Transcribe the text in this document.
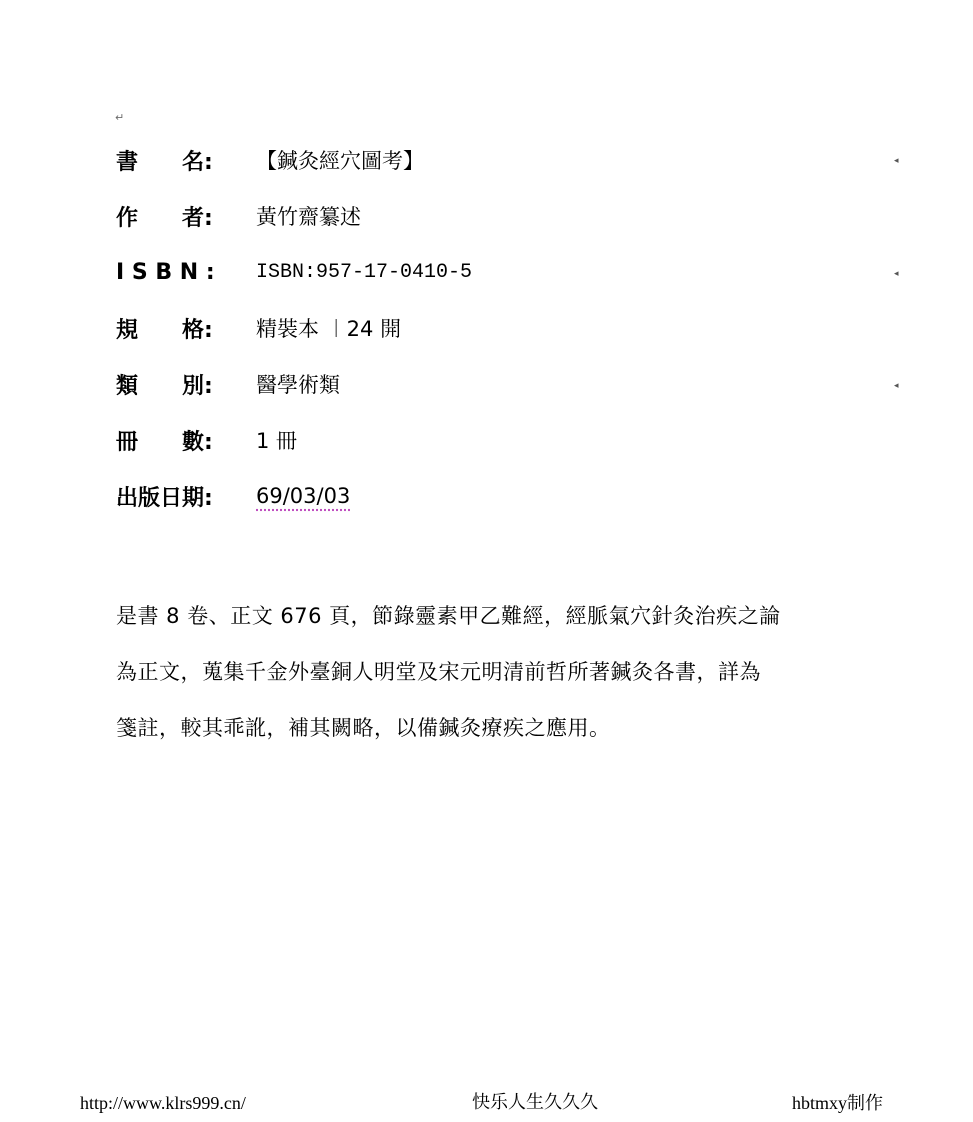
↵
書　　名:	【鍼灸經穴圖考】	◂
作　　者:	黃竹齋纂述
I S B N :	ISBN:957-17-0410-5	◂
規　　格:	精裝本 ︱24 開
類　　別:	醫學術類	◂
冊　　數:	1 冊
出版日期:	69/03/03
是書 8 卷、正文 676 頁，節錄靈素甲乙難經，經脈氣穴針灸治疾之論
為正文，蒐集千金外臺銅人明堂及宋元明清前哲所著鍼灸各書，詳為
箋註，較其乖訛，補其闕略，以備鍼灸療疾之應用。
http://www.klrs999.cn/	快乐人生久久久	hbtmxy制作
